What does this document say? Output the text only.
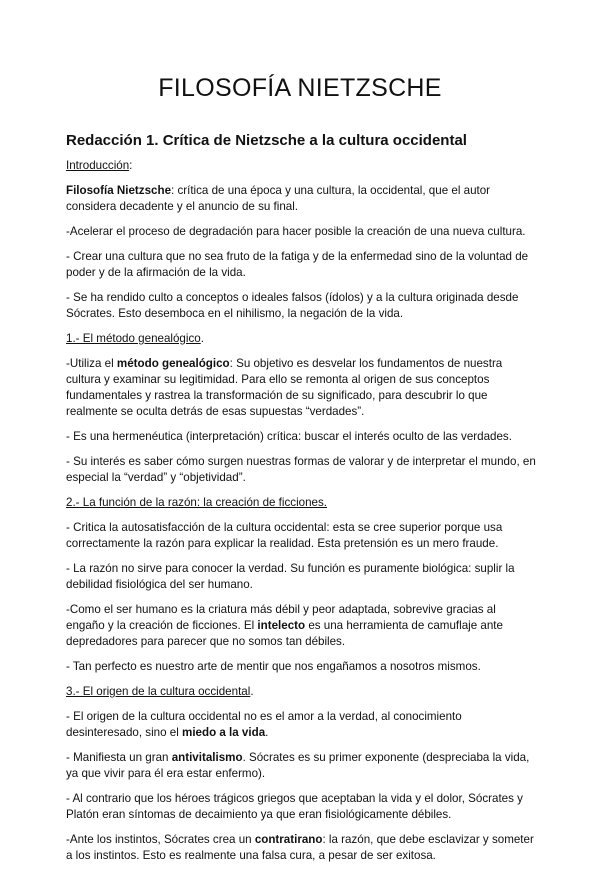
FILOSOFÍA NIETZSCHE
Redacción 1. Crítica de Nietzsche a la cultura occidental

Introducción:

Filosofía Nietzsche: crítica de una época y una cultura, la occidental, que el autor considera decadente y el anuncio de su final.

-Acelerar el proceso de degradación para hacer posible la creación de una nueva cultura.

- Crear una cultura que no sea fruto de la fatiga y de la enfermedad sino de la voluntad de poder y de la afirmación de la vida.

- Se ha rendido culto a conceptos o ideales falsos (ídolos) y a la cultura originada desde Sócrates. Esto desemboca en el nihilismo, la negación de la vida.

1.- El método genealógico.

-Utiliza el método genealógico: Su objetivo es desvelar los fundamentos de nuestra cultura y examinar su legitimidad. Para ello se remonta al origen de sus conceptos fundamentales y rastrea la transformación de su significado, para descubrir lo que realmente se oculta detrás de esas supuestas “verdades”.

- Es una hermenéutica (interpretación) crítica: buscar el interés oculto de las verdades.

- Su interés es saber cómo surgen nuestras formas de valorar y de interpretar el mundo, en especial la “verdad” y “objetividad”.

2.- La función de la razón: la creación de ficciones.

- Critica la autosatisfacción de la cultura occidental: esta se cree superior porque usa correctamente la razón para explicar la realidad. Esta pretensión es un mero fraude.

- La razón no sirve para conocer la verdad. Su función es puramente biológica: suplir la debilidad fisiológica del ser humano.

-Como el ser humano es la criatura más débil y peor adaptada, sobrevive gracias al engaño y la creación de ficciones. El intelecto es una herramienta de camuflaje ante depredadores para parecer que no somos tan débiles.

- Tan perfecto es nuestro arte de mentir que nos engañamos a nosotros mismos.

3.- El origen de la cultura occidental.

- El origen de la cultura occidental no es el amor a la verdad, al conocimiento desinteresado, sino el miedo a la vida.

- Manifiesta un gran antivitalismo. Sócrates es su primer exponente (despreciaba la vida, ya que vivir para él era estar enfermo).

- Al contrario que los héroes trágicos griegos que aceptaban la vida y el dolor, Sócrates y Platón eran síntomas de decaimiento ya que eran fisiológicamente débiles.

-Ante los instintos, Sócrates crea un contratirano: la razón, que debe esclavizar y someter a los instintos. Esto es realmente una falsa cura, a pesar de ser exitosa.
